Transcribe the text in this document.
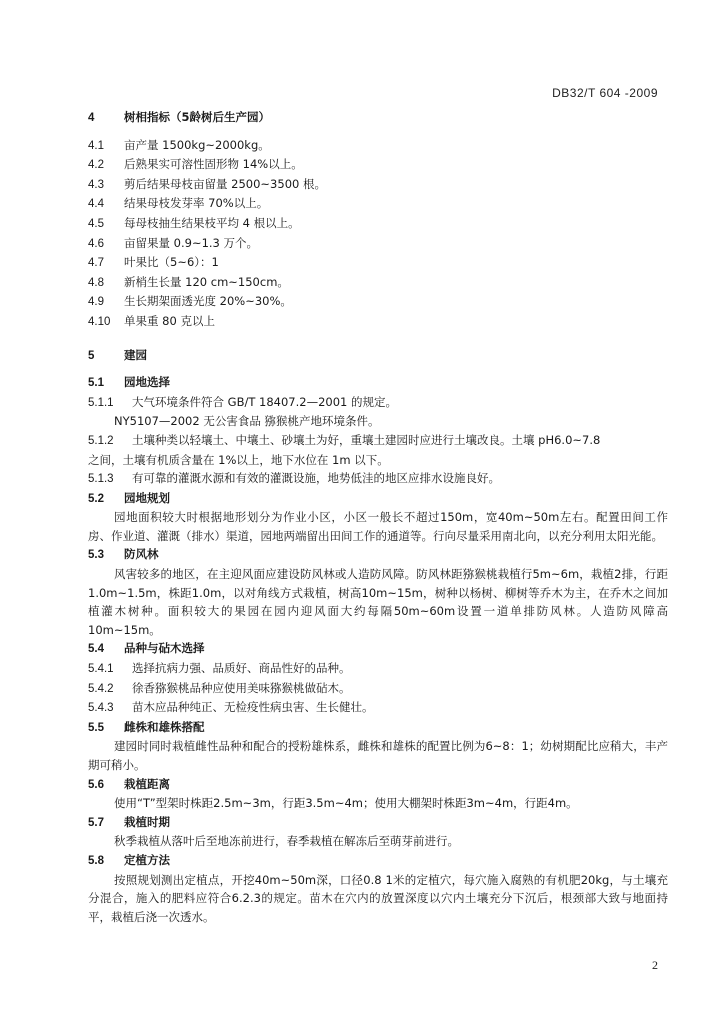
DB32/T 604 -2009
4	树相指标（5龄树后生产园）
4.1 亩产量 1500kg~2000kg。
4.2 后熟果实可溶性固形物 14%以上。
4.3 剪后结果母枝亩留量 2500~3500 根。
4.4 结果母枝发芽率 70%以上。
4.5 每母枝抽生结果枝平均 4 根以上。
4.6 亩留果量 0.9~1.3 万个。
4.7 叶果比（5~6）：1
4.8 新梢生长量 120 cm~150cm。
4.9 生长期架面透光度 20%~30%。
4.10 单果重 80 克以上
5	建园
5.1 园地选择
5.1.1 大气环境条件符合 GB/T 18407.2—2001 的规定。
NY5107—2002 无公害食品 猕猴桃产地环境条件。
5.1.2 土壤种类以轻壤土、中壤土、砂壤土为好，重壤土建园时应进行土壤改良。土壤 pH6.0~7.8
之间，土壤有机质含量在 1%以上，地下水位在 1m 以下。
5.1.3 有可靠的灌溉水源和有效的灌溉设施，地势低洼的地区应排水设施良好。
5.2 园地规划
园地面积较大时根据地形划分为作业小区，小区一般长不超过150m，宽40m~50m左右。配置田间工作房、作业道、灌溉（排水）渠道，园地两端留出田间工作的通道等。行向尽量采用南北向，以充分利用太阳光能。
5.3 防风林
风害较多的地区，在主迎风面应建设防风林或人造防风障。防风林距猕猴桃栽植行5m~6m，栽植2排，行距1.0m~1.5m，株距1.0m，以对角线方式栽植，树高10m~15m，树种以杨树、柳树等乔木为主，在乔木之间加植灌木树种。面积较大的果园在园内迎风面大约每隔50m~60m设置一道单排防风林。人造防风障高10m~15m。
5.4 品种与砧木选择
5.4.1 选择抗病力强、品质好、商品性好的品种。
5.4.2 徐香猕猴桃品种应使用美味猕猴桃做砧木。
5.4.3 苗木应品种纯正、无检疫性病虫害、生长健壮。
5.5 雌株和雄株搭配
建园时同时栽植雌性品种和配合的授粉雄株系，雌株和雄株的配置比例为6~8：1；幼树期配比应稍大，丰产期可稍小。
5.6 栽植距离
使用“T”型架时株距2.5m~3m，行距3.5m~4m；使用大棚架时株距3m~4m，行距4m。
5.7 栽植时期
秋季栽植从落叶后至地冻前进行，春季栽植在解冻后至萌芽前进行。
5.8 定植方法
按照规划测出定植点，开挖40m~50m深，口径0.8 1米的定植穴，每穴施入腐熟的有机肥20kg，与土壤充分混合，施入的肥料应符合6.2.3的规定。苗木在穴内的放置深度以穴内土壤充分下沉后，根颈部大致与地面持平，栽植后浇一次透水。
2
